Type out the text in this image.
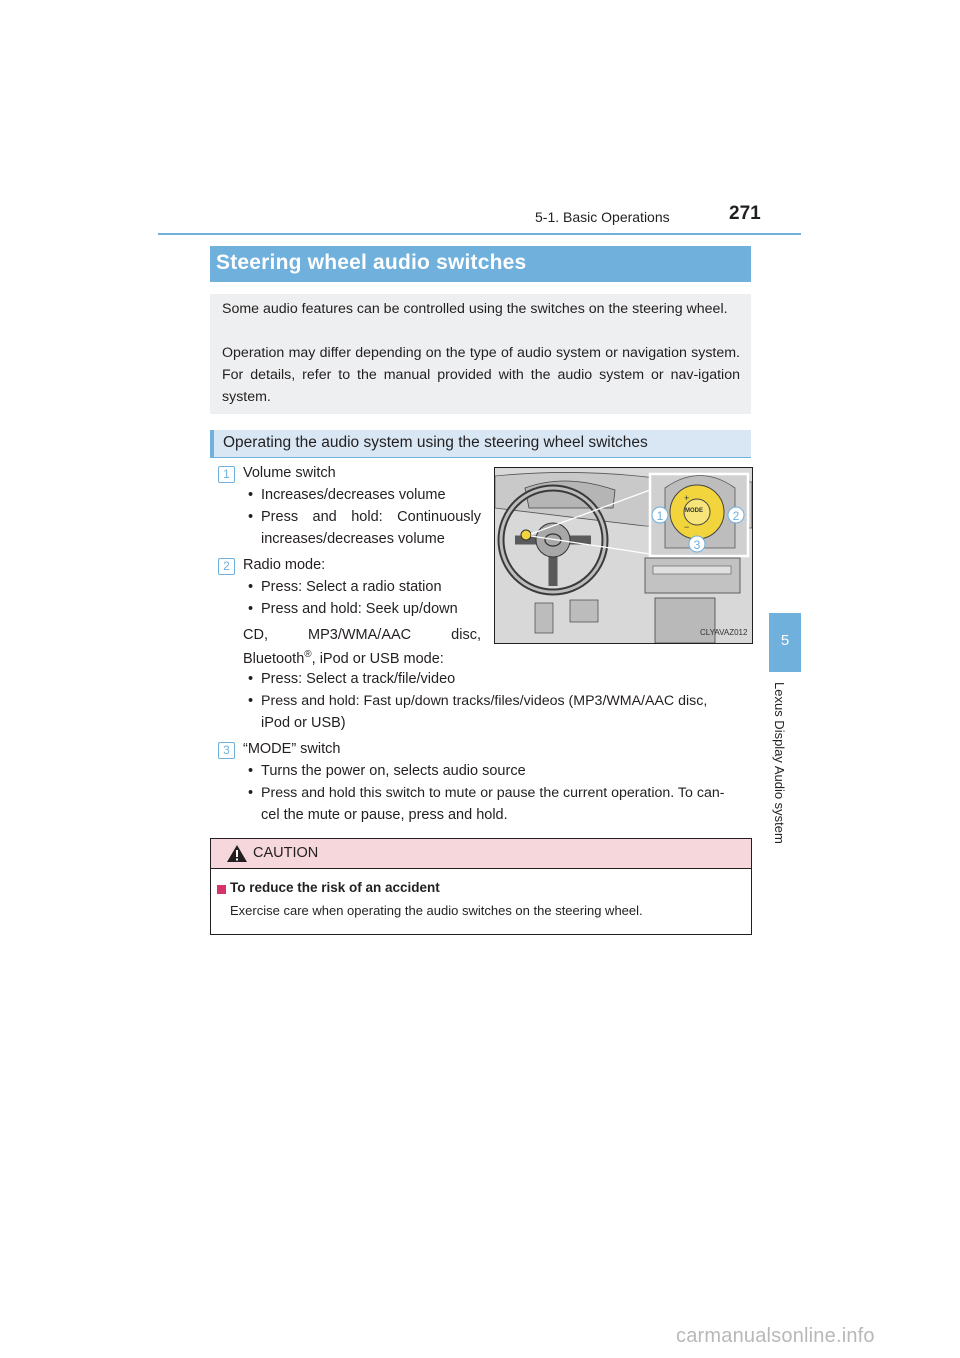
5-1. Basic Operations	271
5
Lexus Display Audio system
Steering wheel audio switches

Some audio features can be controlled using the switches on the steering wheel.

Operation may differ depending on the type of audio system or navigation system. For details, refer to the manual provided with the audio system or nav-igation system.

Operating the audio system using the steering wheel switches
1 Volume switch
• Increases/decreases volume
• Press and hold: Continuously
increases/decreases volume
2 Radio mode:
• Press: Select a radio station
• Press and hold: Seek up/down
CD, MP3/WMA/AAC disc,
Bluetooth®, iPod or USB mode:
• Press: Select a track/file/video
• Press and hold: Fast up/down tracks/files/videos (MP3/WMA/AAC disc,
iPod or USB)
3 “MODE” switch
• Turns the power on, selects audio source
• Press and hold this switch to mute or pause the current operation. To can-
cel the mute or pause, press and hold.
+
−
MODE
1	2
3
CLYAVAZ012
CAUTION
To reduce the risk of an accident
Exercise care when operating the audio switches on the steering wheel.
carmanualsonline.info
